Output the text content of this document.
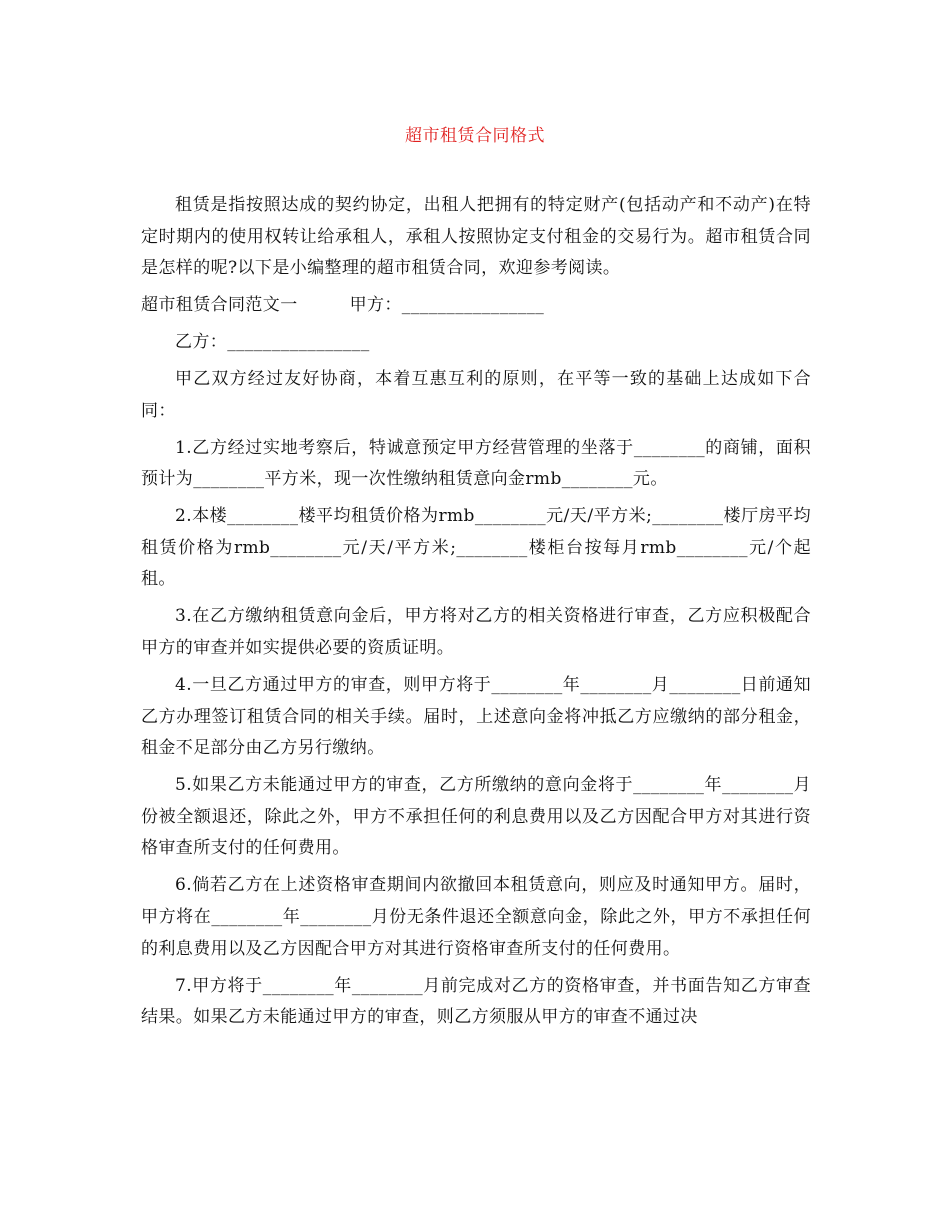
超市租赁合同格式

租赁是指按照达成的契约协定，出租人把拥有的特定财产(包括动产和不动产)在特定时期内的使用权转让给承租人，承租人按照协定支付租金的交易行为。超市租赁合同是怎样的呢?以下是小编整理的超市租赁合同，欢迎参考阅读。

超市租赁合同范文一	甲方：________________

乙方：________________

甲乙双方经过友好协商，本着互惠互利的原则，在平等一致的基础上达成如下合同：

1.乙方经过实地考察后，特诚意预定甲方经营管理的坐落于________的商铺，面积预计为________平方米，现一次性缴纳租赁意向金rmb________元。

2.本楼________楼平均租赁价格为rmb________元/天/平方米;________楼厅房平均租赁价格为rmb________元/天/平方米;________楼柜台按每月rmb________元/个起租。

3.在乙方缴纳租赁意向金后，甲方将对乙方的相关资格进行审查，乙方应积极配合甲方的审查并如实提供必要的资质证明。

4.一旦乙方通过甲方的审查，则甲方将于________年________月________日前通知乙方办理签订租赁合同的相关手续。届时，上述意向金将冲抵乙方应缴纳的部分租金，租金不足部分由乙方另行缴纳。

5.如果乙方未能通过甲方的审查，乙方所缴纳的意向金将于________年________月份被全额退还，除此之外，甲方不承担任何的利息费用以及乙方因配合甲方对其进行资格审查所支付的任何费用。

6.倘若乙方在上述资格审查期间内欲撤回本租赁意向，则应及时通知甲方。届时，甲方将在________年________月份无条件退还全额意向金，除此之外，甲方不承担任何的利息费用以及乙方因配合甲方对其进行资格审查所支付的任何费用。

7.甲方将于________年________月前完成对乙方的资格审查，并书面告知乙方审查结果。如果乙方未能通过甲方的审查，则乙方须服从甲方的审查不通过决
